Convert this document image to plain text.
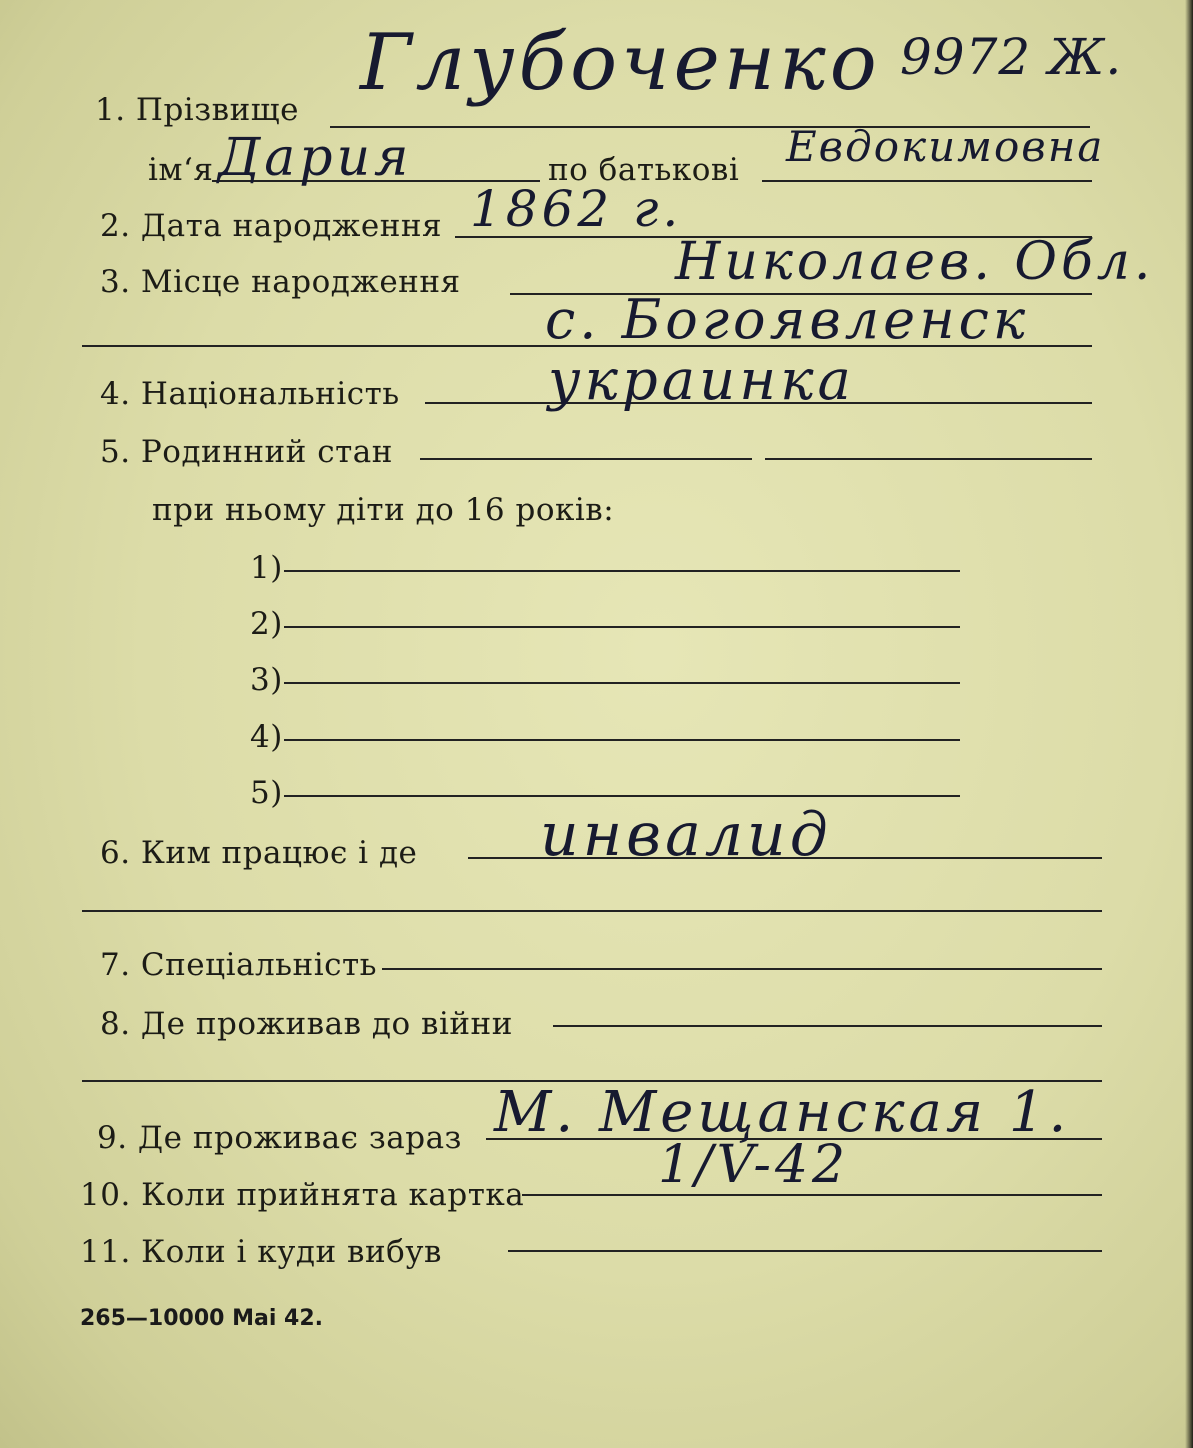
1. Прізвище
Глубоченко 9972 Ж.
ім‘я Дария	по батькові Евдокимовна
2. Дата народження 1862 г.
3. Місце народження	Николаев. Обл.
с. Богоявленск
4. Національність	украинка
5. Родинний стан
при ньому діти до 16 років:
1)
2)
3)
4)
5)
6. Ким працює і де инвалид
7. Спеціальність
8. Де проживав до війни
9. Де проживає зараз М. Мещанская 1.
10. Коли прийнята картка	1/V-42
11. Коли і куди вибув
265—10000 Mai 42.
